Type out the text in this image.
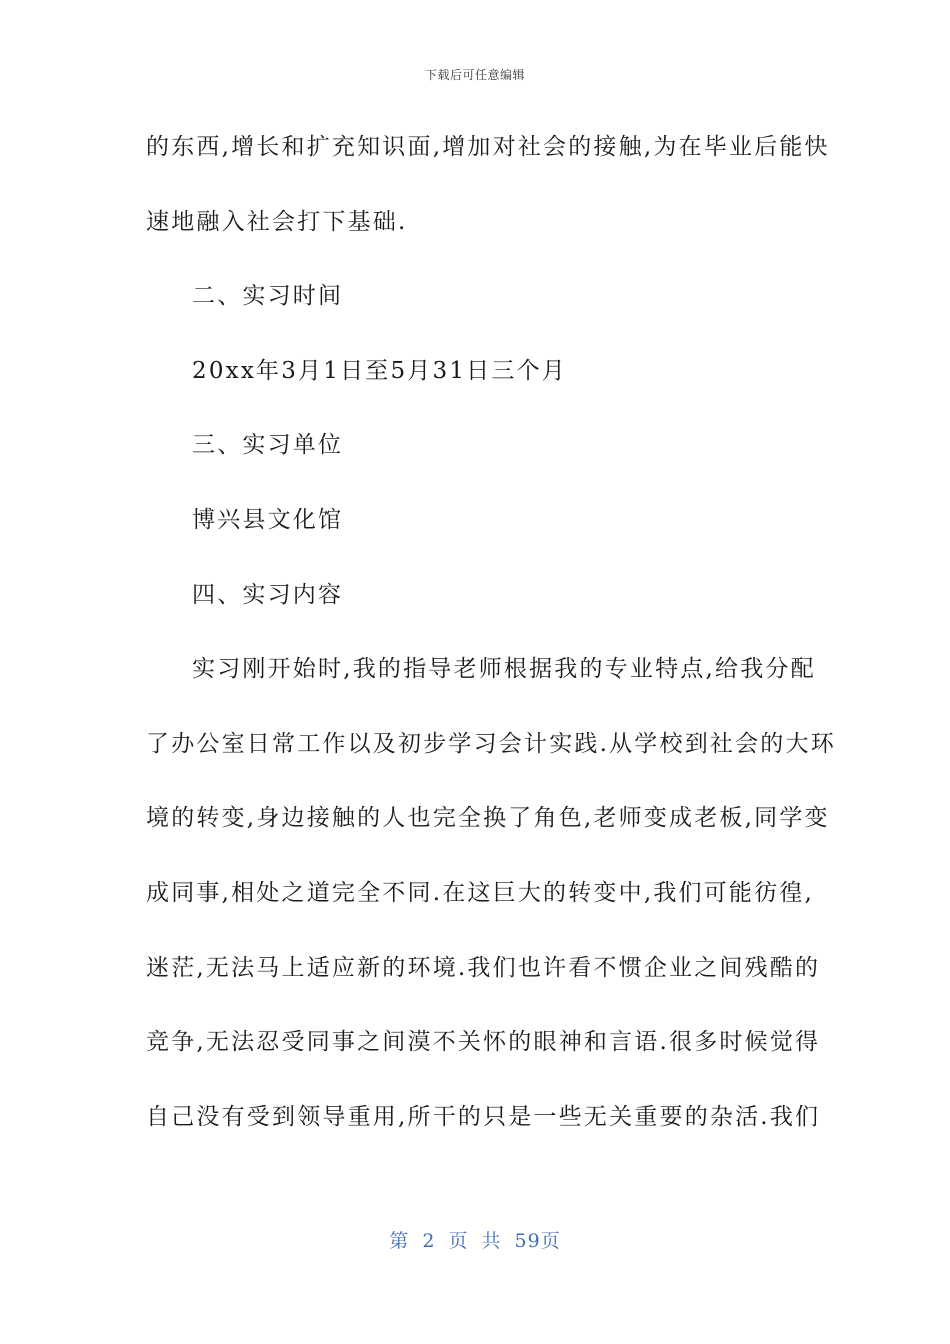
下载后可任意编辑
的东西,增长和扩充知识面,增加对社会的接触,为在毕业后能快
速地融入社会打下基础.
二、实习时间
20xx年3月1日至5月31日三个月
三、实习单位
博兴县文化馆
四、实习内容
实习刚开始时,我的指导老师根据我的专业特点,给我分配
了办公室日常工作以及初步学习会计实践.从学校到社会的大环
境的转变,身边接触的人也完全换了角色,老师变成老板,同学变
成同事,相处之道完全不同.在这巨大的转变中,我们可能彷徨,
迷茫,无法马上适应新的环境.我们也许看不惯企业之间残酷的
竞争,无法忍受同事之间漠不关怀的眼神和言语.很多时候觉得
自己没有受到领导重用,所干的只是一些无关重要的杂活.我们
第 2 页 共 59页
